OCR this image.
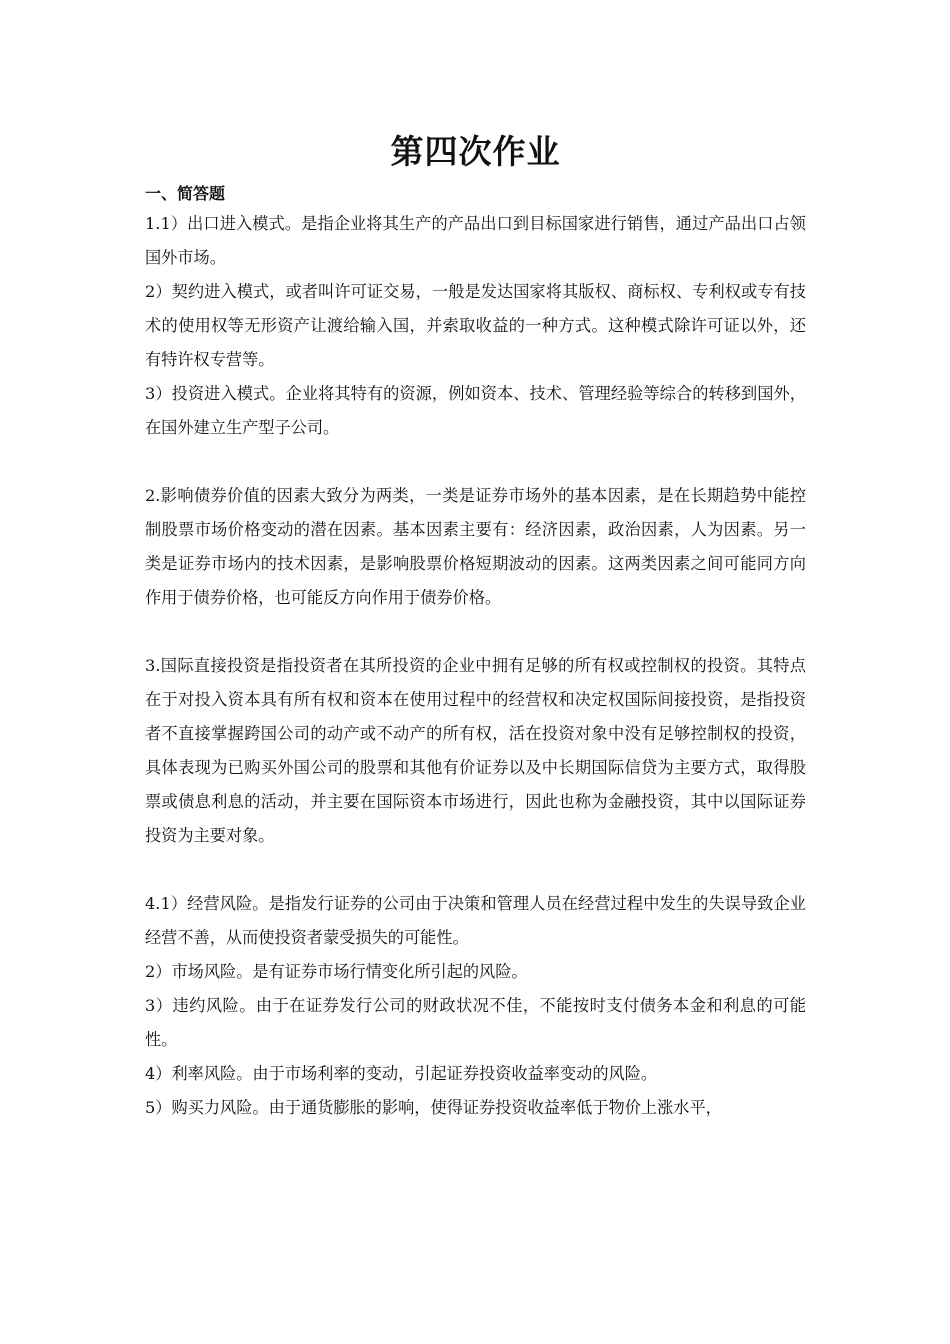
第四次作业
一、简答题

1.1）出口进入模式。是指企业将其生产的产品出口到目标国家进行销售，通过产品出口占领国外市场。

2）契约进入模式，或者叫许可证交易，一般是发达国家将其版权、商标权、专利权或专有技术的使用权等无形资产让渡给输入国，并索取收益的一种方式。这种模式除许可证以外，还有特许权专营等。

3）投资进入模式。企业将其特有的资源，例如资本、技术、管理经验等综合的转移到国外，在国外建立生产型子公司。

2.影响债券价值的因素大致分为两类，一类是证券市场外的基本因素，是在长期趋势中能控制股票市场价格变动的潜在因素。基本因素主要有：经济因素，政治因素，人为因素。另一类是证券市场内的技术因素，是影响股票价格短期波动的因素。这两类因素之间可能同方向作用于债券价格，也可能反方向作用于债券价格。

3.国际直接投资是指投资者在其所投资的企业中拥有足够的所有权或控制权的投资。其特点在于对投入资本具有所有权和资本在使用过程中的经营权和决定权国际间接投资，是指投资者不直接掌握跨国公司的动产或不动产的所有权，活在投资对象中没有足够控制权的投资，具体表现为已购买外国公司的股票和其他有价证券以及中长期国际信贷为主要方式，取得股票或债息利息的活动，并主要在国际资本市场进行，因此也称为金融投资，其中以国际证券投资为主要对象。

4.1）经营风险。是指发行证券的公司由于决策和管理人员在经营过程中发生的失误导致企业经营不善，从而使投资者蒙受损失的可能性。

2）市场风险。是有证券市场行情变化所引起的风险。

3）违约风险。由于在证券发行公司的财政状况不佳，不能按时支付债务本金和利息的可能性。

4）利率风险。由于市场利率的变动，引起证券投资收益率变动的风险。

5）购买力风险。由于通货膨胀的影响，使得证券投资收益率低于物价上涨水平，
